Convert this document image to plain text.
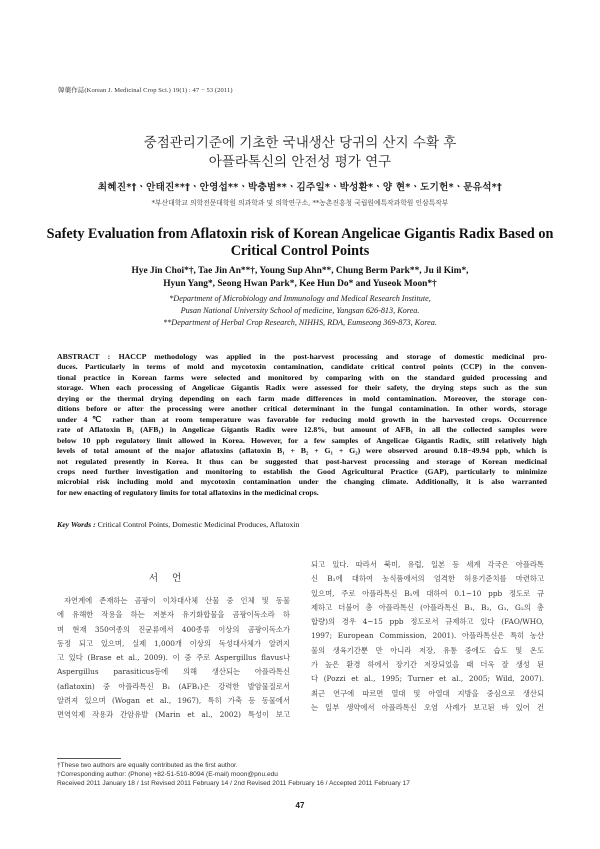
韓藥作誌(Korean J. Medicinal Crop Sci.) 19(1) : 47 − 53 (2011)
중점관리기준에 기초한 국내생산 당귀의 산지 수확 후
아플라톡신의 안전성 평가 연구
최혜진*†ㆍ안태진**†ㆍ안영섭**ㆍ박충범**ㆍ김주일*ㆍ박성환*ㆍ양 현*ㆍ도기헌*ㆍ문유석*†
*부산대학교 의학전문대학원 의과학과 및 의학연구소, **농촌진흥청 국립원예특작과학원 인삼특작부
Safety Evaluation from Aflatoxin risk of Korean Angelicae Gigantis Radix Based on
Critical Control Points
Hye Jin Choi*†, Tae Jin An**†, Young Sup Ahn**, Chung Berm Park**, Ju il Kim*,
Hyun Yang*, Seong Hwan Park*, Kee Hun Do* and Yuseok Moon*†
*Department of Microbiology and Immunology and Medical Research Institute,
Pusan National University School of medicine, Yangsan 626-813, Korea.
**Department of Herbal Crop Research, NIHHS, RDA, Eumseong 369-873, Korea.
ABSTRACT : HACCP methodology was applied in the post-harvest processing and storage of domestic medicinal pro-
duces. Particularly in terms of mold and mycotoxin contamination, candidate critical control points (CCP) in the conven-
tional practice in Korean farms were selected and monitored by comparing with on the standard guided processing and
storage. When each processing of Angelicae Gigantis Radix were assessed for their safety, the drying steps such as the sun
drying or the thermal drying depending on each farm made differences in mold contamination. Moreover, the storage con-
ditions before or after the processing were another critical determinant in the fungal contamination. In other words, storage
under 4℃ rather than at room temperature was favorable for reducing mold growth in the harvested crops. Occurrence
rate of Aflatoxin B₁ (AFB₁) in Angelicae Gigantis Radix were 12.8%, but amount of AFB₁ in all the collected samples were
below 10 ppb regulatory limit allowed in Korea. However, for a few samples of Angelicae Gigantis Radix, still relatively high
levels of total amount of the major aflatoxins (aflatoxin B₁ + B₂ + G₁ + G₂) were observed around 0.18−49.94 ppb, which is
not regulated presently in Korea. It thus can be suggested that post-harvest processing and storage of Korean medicinal
crops need further investigation and monitoring to establish the Good Agricultural Practice (GAP), particularly to minimize
microbial risk including mold and mycotoxin contamination under the changing climate. Additionally, it is also warranted
for new enacting of regulatory limits for total aflatoxins in the medicinal crops.
Key Words : Critical Control Points, Domestic Medicinal Produces, Aflatoxin
서언
자연계에 존재하는 곰팡이 이차대사체 산물 중 인체 및 동물
에 유해한 작용을 하는 저분자 유기화합물을 곰팡이독소라 하
며 현재 350여종의 진균류에서 400종류 이상의 곰팡이독소가
동정 되고 있으며, 실제 1,000개 이상의 독성대사체가 알려지
고 있다 (Brase et al., 2009). 이 중 주로 Aspergillus flavus나
Aspergillus parasiticus등에 의해 생산되는 아플라톡신
(aflatoxin) 중 아플라톡신 B₁ (AFB₁)은 강력한 발암물질로서
알려져 있으며 (Wogan et al., 1967), 특히 가축 등 동물에서
면역억제 작용과 간암유발 (Marin et al., 2002) 특성이 보고
되고 있다. 따라서 북미, 유럽, 일본 등 세계 각국은 아플라톡
신 B₁에 대하여 농식품에서의 엄격한 허용기준치를 마련하고
있으며, 주로 아플라톡신 B₁에 대하여 0.1~10 ppb 정도로 규
제하고 더불어 총 아플라톡신 (아플라톡신 B₁, B₂, G₁, G₂의 총
합량)의 경우 4~15 ppb 정도로서 규제하고 있다 (FAO/WHO,
1997; European Commission, 2001). 아플라톡신은 특히 농산
물의 생육기간뿐 만 아니라 저장, 유통 중에도 습도 및 온도
가 높은 환경 하에서 장기간 저장되었을 때 더욱 잘 생성 된
다 (Pozzi et al., 1995; Turner et al., 2005; Wild, 2007).
최근 연구에 따르면 열대 및 아열대 지방을 중심으로 생산되
는 일부 생약에서 아플라톡신 오염 사례가 보고된 바 있어 건
†These two authors are equally contributed as the first author.
†Corresponding author: (Phone) +82-51-510-8094 (E-mail) moon@pnu.edu
Received 2011 January 18 / 1st Revised 2011 February 14 / 2nd Revised 2011 February 16 / Accepted 2011 February 17
47
